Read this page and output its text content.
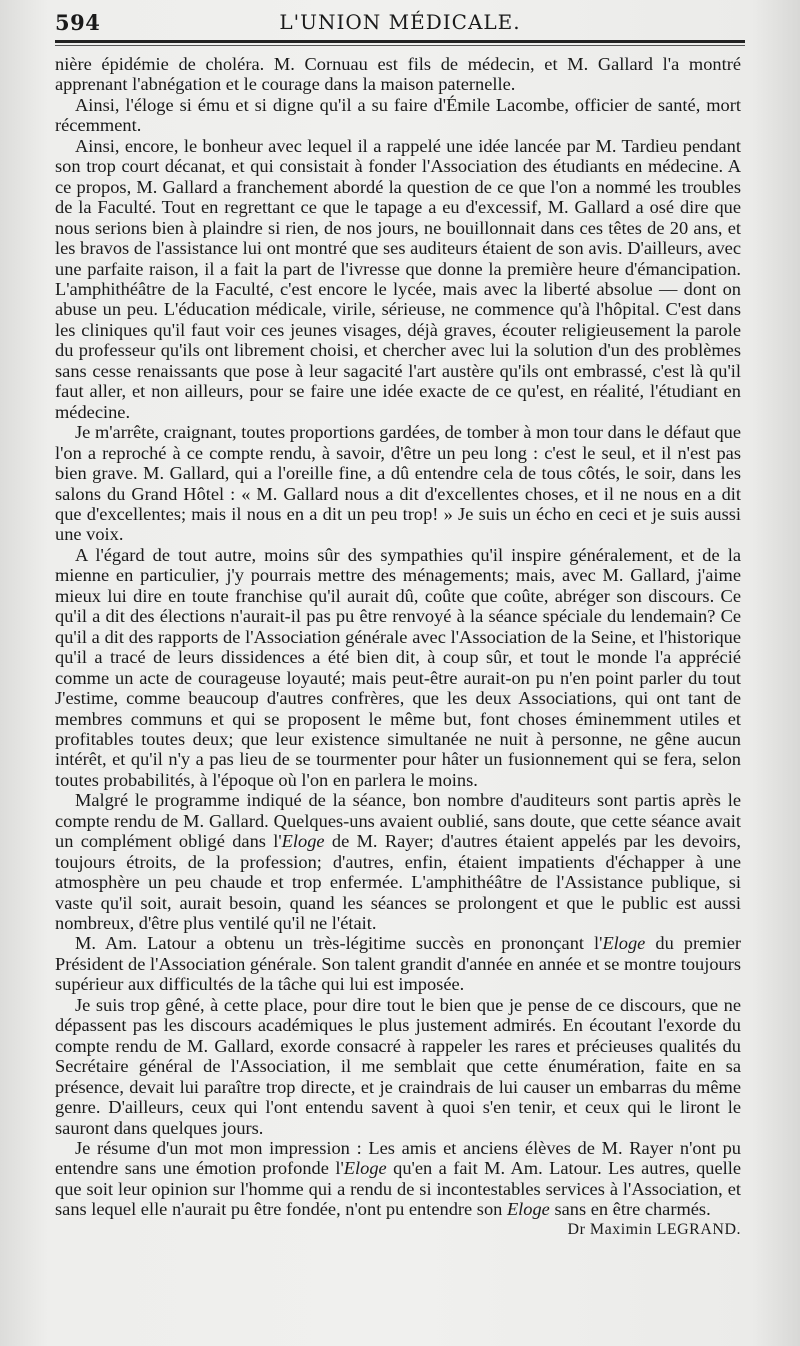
594	L'UNION MÉDICALE.

nière épidémie de choléra. M. Cornuau est fils de médecin, et M. Gallard l'a montré apprenant l'abnégation et le courage dans la maison paternelle.

Ainsi, l'éloge si ému et si digne qu'il a su faire d'Émile Lacombe, officier de santé, mort récemment.

Ainsi, encore, le bonheur avec lequel il a rappelé une idée lancée par M. Tardieu pendant son trop court décanat, et qui consistait à fonder l'Association des étudiants en médecine. A ce propos, M. Gallard a franchement abordé la question de ce que l'on a nommé les troubles de la Faculté. Tout en regrettant ce que le tapage a eu d'excessif, M. Gallard a osé dire que nous serions bien à plaindre si rien, de nos jours, ne bouillonnait dans ces têtes de 20 ans, et les bravos de l'assistance lui ont montré que ses auditeurs étaient de son avis. D'ailleurs, avec une parfaite raison, il a fait la part de l'ivresse que donne la première heure d'émancipation. L'amphithéâtre de la Faculté, c'est encore le lycée, mais avec la liberté absolue — dont on abuse un peu. L'éducation médicale, virile, sérieuse, ne commence qu'à l'hôpital. C'est dans les cliniques qu'il faut voir ces jeunes visages, déjà graves, écouter religieusement la parole du professeur qu'ils ont librement choisi, et chercher avec lui la solution d'un des problèmes sans cesse renaissants que pose à leur sagacité l'art austère qu'ils ont embrassé, c'est là qu'il faut aller, et non ailleurs, pour se faire une idée exacte de ce qu'est, en réalité, l'étudiant en médecine.

Je m'arrête, craignant, toutes proportions gardées, de tomber à mon tour dans le défaut que l'on a reproché à ce compte rendu, à savoir, d'être un peu long : c'est le seul, et il n'est pas bien grave. M. Gallard, qui a l'oreille fine, a dû entendre cela de tous côtés, le soir, dans les salons du Grand Hôtel : « M. Gallard nous a dit d'excellentes choses, et il ne nous en a dit que d'excellentes; mais il nous en a dit un peu trop! » Je suis un écho en ceci et je suis aussi une voix.

A l'égard de tout autre, moins sûr des sympathies qu'il inspire généralement, et de la mienne en particulier, j'y pourrais mettre des ménagements; mais, avec M. Gallard, j'aime mieux lui dire en toute franchise qu'il aurait dû, coûte que coûte, abréger son discours. Ce qu'il a dit des élections n'aurait-il pas pu être renvoyé à la séance spéciale du lendemain? Ce qu'il a dit des rapports de l'Association générale avec l'Association de la Seine, et l'historique qu'il a tracé de leurs dissidences a été bien dit, à coup sûr, et tout le monde l'a apprécié comme un acte de courageuse loyauté; mais peut-être aurait-on pu n'en point parler du tout J'estime, comme beaucoup d'autres confrères, que les deux Associations, qui ont tant de membres communs et qui se proposent le même but, font choses éminemment utiles et profitables toutes deux; que leur existence simultanée ne nuit à personne, ne gêne aucun intérêt, et qu'il n'y a pas lieu de se tourmenter pour hâter un fusionnement qui se fera, selon toutes probabilités, à l'époque où l'on en parlera le moins.

Malgré le programme indiqué de la séance, bon nombre d'auditeurs sont partis après le compte rendu de M. Gallard. Quelques-uns avaient oublié, sans doute, que cette séance avait un complément obligé dans l'Eloge de M. Rayer; d'autres étaient appelés par les devoirs, toujours étroits, de la profession; d'autres, enfin, étaient impatients d'échapper à une atmosphère un peu chaude et trop enfermée. L'amphithéâtre de l'Assistance publique, si vaste qu'il soit, aurait besoin, quand les séances se prolongent et que le public est aussi nombreux, d'être plus ventilé qu'il ne l'était.

M. Am. Latour a obtenu un très-légitime succès en prononçant l'Eloge du premier Président de l'Association générale. Son talent grandit d'année en année et se montre toujours supérieur aux difficultés de la tâche qui lui est imposée.

Je suis trop gêné, à cette place, pour dire tout le bien que je pense de ce discours, que ne dépassent pas les discours académiques le plus justement admirés. En écoutant l'exorde du compte rendu de M. Gallard, exorde consacré à rappeler les rares et précieuses qualités du Secrétaire général de l'Association, il me semblait que cette énumération, faite en sa présence, devait lui paraître trop directe, et je craindrais de lui causer un embarras du même genre. D'ailleurs, ceux qui l'ont entendu savent à quoi s'en tenir, et ceux qui le liront le sauront dans quelques jours.

Je résume d'un mot mon impression : Les amis et anciens élèves de M. Rayer n'ont pu entendre sans une émotion profonde l'Eloge qu'en a fait M. Am. Latour. Les autres, quelle que soit leur opinion sur l'homme qui a rendu de si incontestables services à l'Association, et sans lequel elle n'aurait pu être fondée, n'ont pu entendre son Eloge sans en être charmés.
Dr Maximin LEGRAND.
